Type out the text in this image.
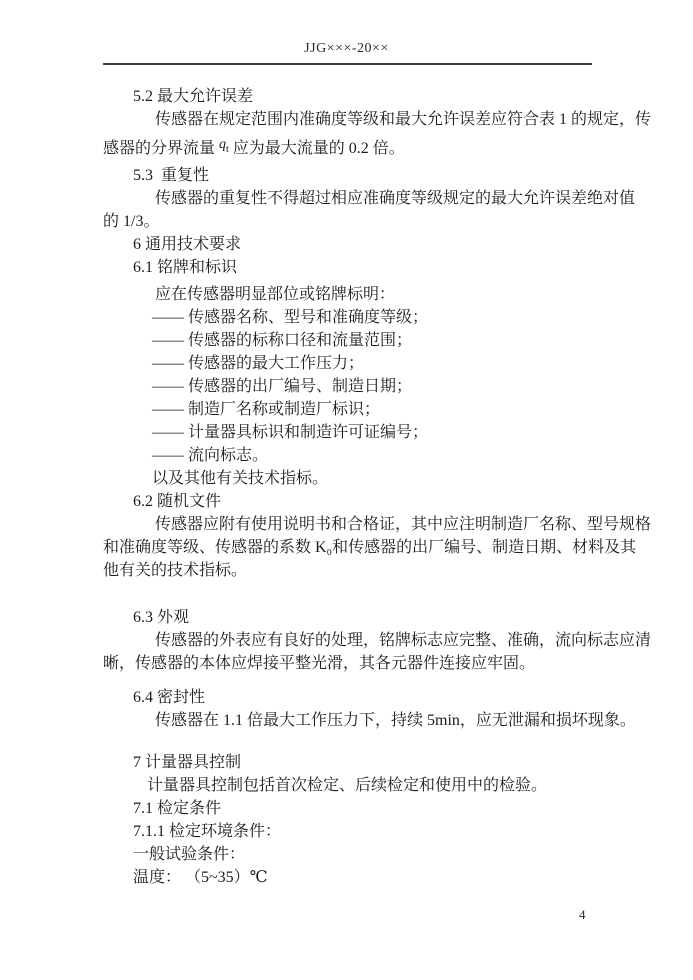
JJG×××-20××
5.2 最大允许误差
传感器在规定范围内准确度等级和最大允许误差应符合表 1 的规定，传
感器的分界流量 $q_t$ 应为最大流量的 0.2 倍。
5.3  重复性
传感器的重复性不得超过相应准确度等级规定的最大允许误差绝对值
的 1/3。
6 通用技术要求
6.1 铭牌和标识
应在传感器明显部位或铭牌标明：
—— 传感器名称、型号和准确度等级；
—— 传感器的标称口径和流量范围；
—— 传感器的最大工作压力；
—— 传感器的出厂编号、制造日期；
—— 制造厂名称或制造厂标识；
—— 计量器具标识和制造许可证编号；
—— 流向标志。
以及其他有关技术指标。
6.2 随机文件
传感器应附有使用说明书和合格证，其中应注明制造厂名称、型号规格
和准确度等级、传感器的系数 K₀和传感器的出厂编号、制造日期、材料及其
他有关的技术指标。
6.3 外观
传感器的外表应有良好的处理，铭牌标志应完整、准确，流向标志应清
晰，传感器的本体应焊接平整光滑，其各元器件连接应牢固。
6.4 密封性
传感器在 1.1 倍最大工作压力下，持续 5min，应无泄漏和损坏现象。
7 计量器具控制
计量器具控制包括首次检定、后续检定和使用中的检验。
7.1 检定条件
7.1.1 检定环境条件：
一般试验条件：
温度： （5~35）℃
4
